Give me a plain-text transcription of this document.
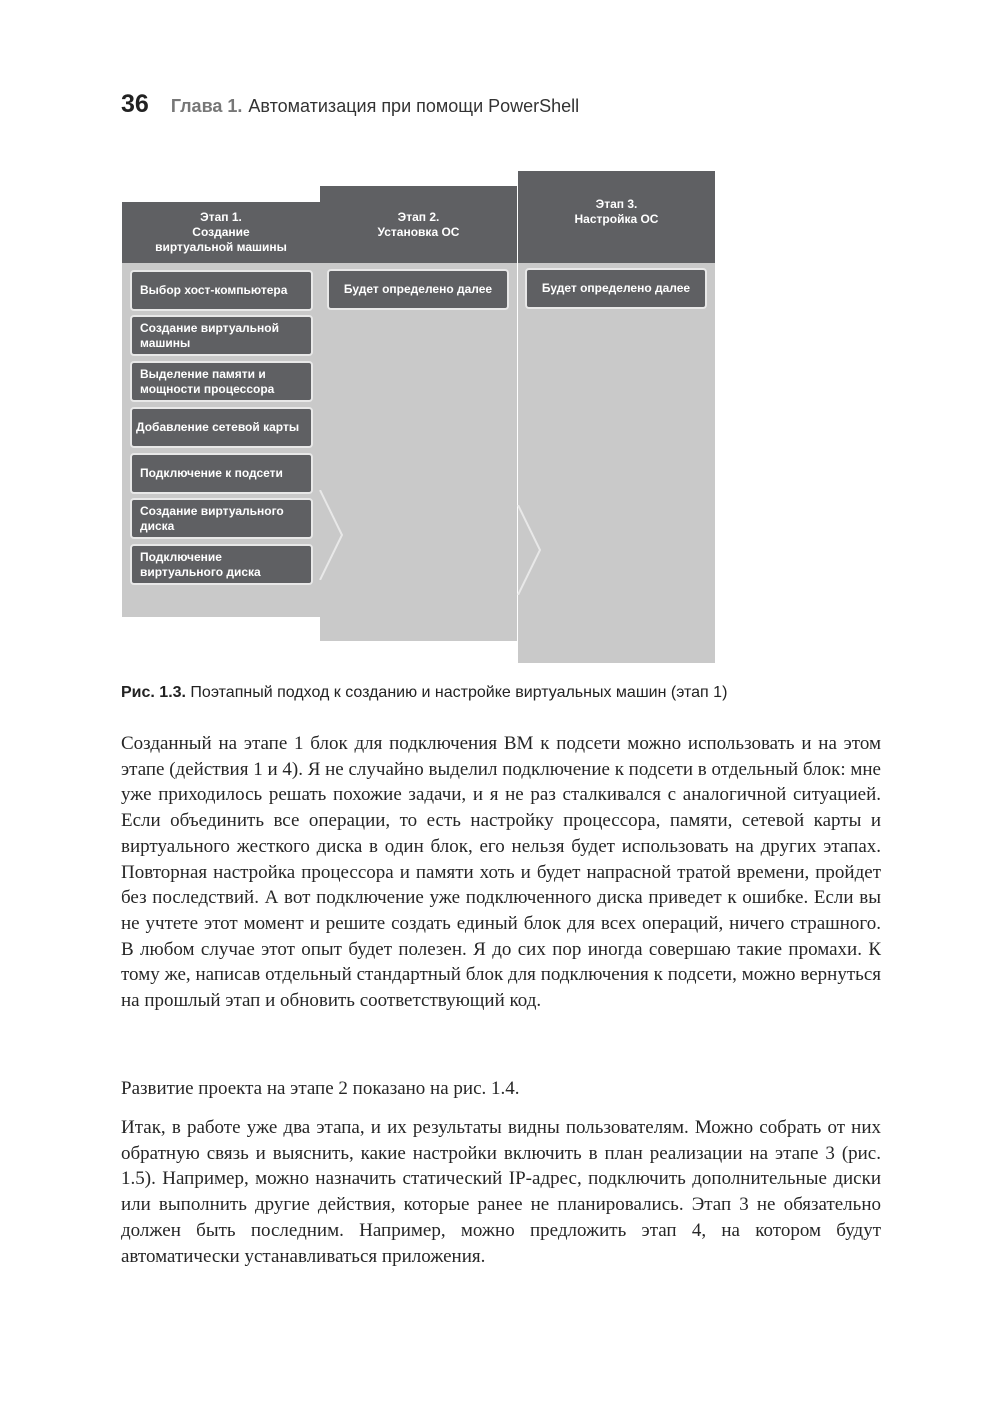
36 Глава 1. Автоматизация при помощи PowerShell
Этап 1.
Создание
виртуальной машины
Выбор хост-компьютера
Создание виртуальной машины
Выделение памяти и мощности процессора
Добавление сетевой карты
Подключение к подсети
Создание виртуального диска
Подключение виртуального диска
Этап 2.
Установка ОС
Будет определено далее
Этап 3.
Настройка ОС
Будет определено далее
Рис. 1.3. Поэтапный подход к созданию и настройке виртуальных машин (этап 1)

Созданный на этапе 1 блок для подключения ВМ к подсети можно использовать и на этом этапе (действия 1 и 4). Я не случайно выделил подключение к подсети в отдельный блок: мне уже приходилось решать похожие задачи, и я не раз сталкивался с аналогичной ситуацией. Если объединить все операции, то есть настройку процессора, памяти, сетевой карты и виртуального жесткого диска в один блок, его нельзя будет использовать на других этапах. Повторная настройка процессора и памяти хоть и будет напрасной тратой времени, пройдет без последствий. А вот подключение уже подключенного диска приведет к ошибке. Если вы не учтете этот момент и решите создать единый блок для всех операций, ничего страшного. В любом случае этот опыт будет полезен. Я до сих пор иногда совершаю такие промахи. К тому же, написав отдельный стандартный блок для подключения к подсети, можно вернуться на прошлый этап и обновить соответствующий код.

Развитие проекта на этапе 2 показано на рис. 1.4.

Итак, в работе уже два этапа, и их результаты видны пользователям. Можно собрать от них обратную связь и выяснить, какие настройки включить в план реализации на этапе 3 (рис. 1.5). Например, можно назначить статический IP-адрес, подключить дополнительные диски или выполнить другие действия, которые ранее не планировались. Этап 3 не обязательно должен быть последним. Например, можно предложить этап 4, на котором будут автоматически устанавливаться приложения.
